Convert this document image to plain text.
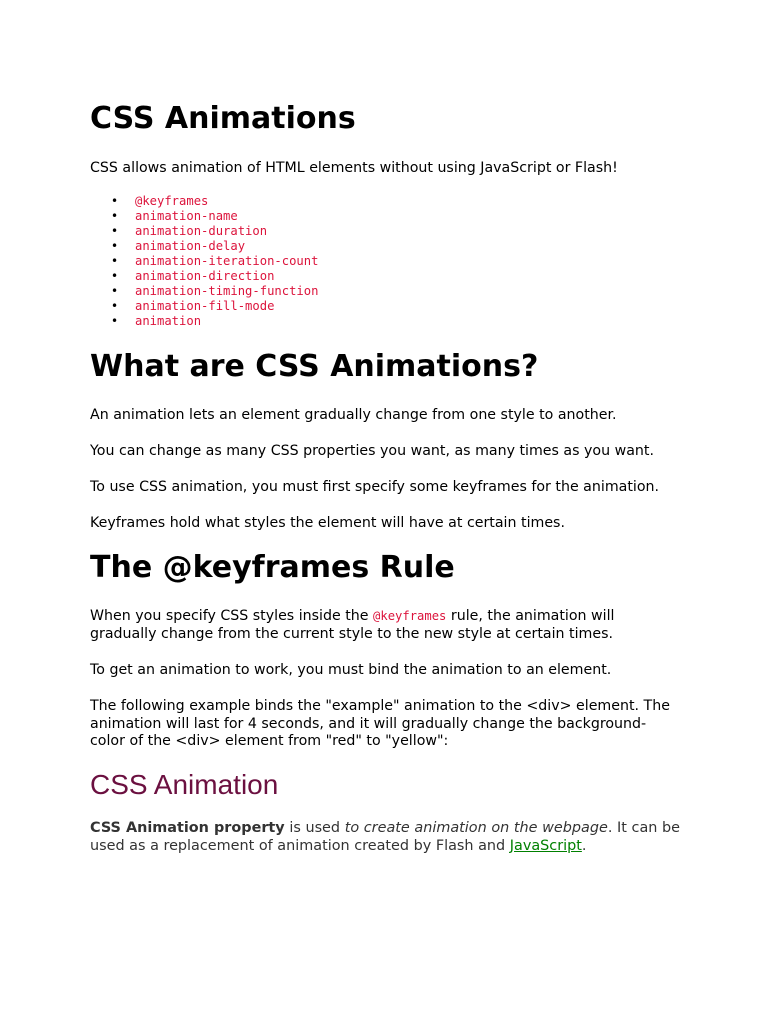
CSS Animations

CSS allows animation of HTML elements without using JavaScript or Flash!

• @keyframes
• animation-name
• animation-duration
• animation-delay
• animation-iteration-count
• animation-direction
• animation-timing-function
• animation-fill-mode
• animation
What are CSS Animations?

An animation lets an element gradually change from one style to another.

You can change as many CSS properties you want, as many times as you want.

To use CSS animation, you must first specify some keyframes for the animation.

Keyframes hold what styles the element will have at certain times.

The @keyframes Rule

When you specify CSS styles inside the @keyframes rule, the animation will gradually change from the current style to the new style at certain times.

To get an animation to work, you must bind the animation to an element.

The following example binds the "example" animation to the <div> element. The animation will last for 4 seconds, and it will gradually change the background-color of the <div> element from "red" to "yellow":

CSS Animation

CSS Animation property is used to create animation on the webpage. It can be used as a replacement of animation created by Flash and JavaScript.
